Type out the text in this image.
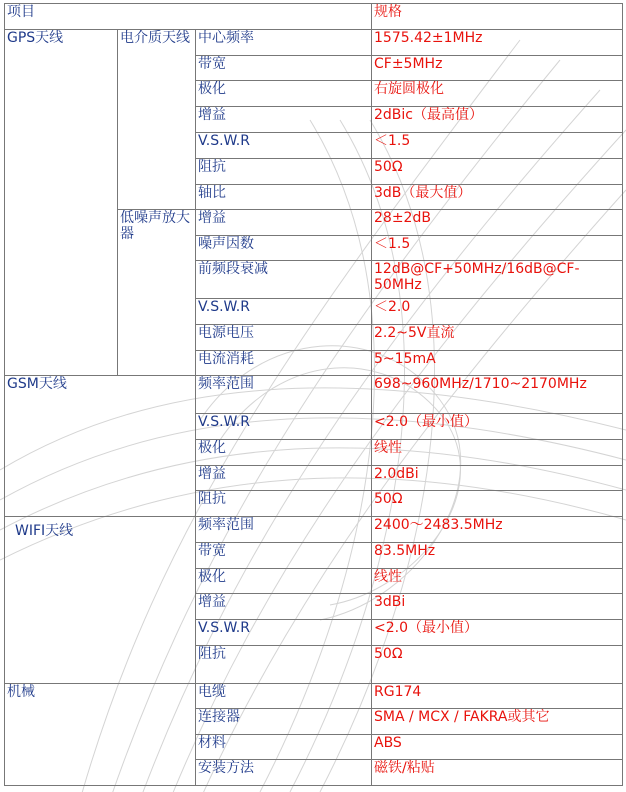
项目			规格
GPS天线	电介质天线	中心频率	1575.42±1MHz
		带宽	CF±5MHz
		极化	右旋圆极化
		增益	2dBic（最高值）
		V.S.W.R	＜1.5
		阻抗	50Ω
		轴比	3dB（最大值）
	低噪声放大器	增益	28±2dB
		噪声因数	＜1.5
		前频段衰减	12dB@CF+50MHz/16dB@CF-50MHz
		V.S.W.R	＜2.0
		电源电压	2.2~5V直流
		电流消耗	5~15mA
GSM天线		频率范围	698~960MHz/1710~2170MHz
		V.S.W.R	<2.0（最小值）
		极化	线性
		增益	2.0dBi
		阻抗	50Ω
WIFI天线		频率范围	2400～2483.5MHz
		带宽	83.5MHz
		极化	线性
		增益	3dBi
		V.S.W.R	<2.0（最小值）
		阻抗	50Ω
机械		电缆	RG174
		连接器	SMA / MCX / FAKRA或其它
		材料	ABS
		安装方法	磁铁/粘贴
